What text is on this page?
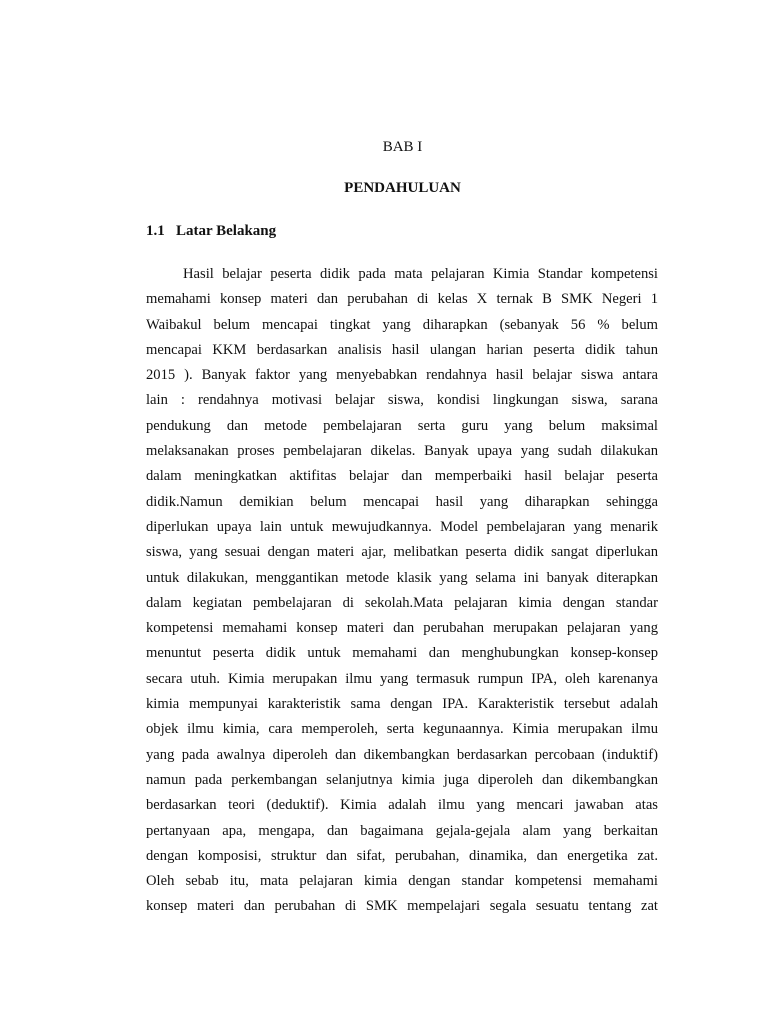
BAB I
PENDAHULUAN
1.1 Latar Belakang
Hasil belajar peserta didik pada mata pelajaran Kimia Standar kompetensi
memahami konsep materi dan perubahan di kelas X ternak B SMK Negeri 1
Waibakul belum mencapai tingkat yang diharapkan (sebanyak 56 % belum
mencapai KKM berdasarkan analisis hasil ulangan harian peserta didik tahun
2015 ). Banyak faktor yang menyebabkan rendahnya hasil belajar siswa antara
lain : rendahnya motivasi belajar siswa, kondisi lingkungan siswa, sarana
pendukung dan metode pembelajaran serta guru yang belum maksimal
melaksanakan proses pembelajaran dikelas. Banyak upaya yang sudah dilakukan
dalam meningkatkan aktifitas belajar dan memperbaiki hasil belajar peserta
didik.Namun demikian belum mencapai hasil yang diharapkan sehingga
diperlukan upaya lain untuk mewujudkannya. Model pembelajaran yang menarik
siswa, yang sesuai dengan materi ajar, melibatkan peserta didik sangat diperlukan
untuk dilakukan, menggantikan metode klasik yang selama ini banyak diterapkan
dalam kegiatan pembelajaran di sekolah.Mata pelajaran kimia dengan standar
kompetensi memahami konsep materi dan perubahan merupakan pelajaran yang
menuntut peserta didik untuk memahami dan menghubungkan konsep-konsep
secara utuh. Kimia merupakan ilmu yang termasuk rumpun IPA, oleh karenanya
kimia mempunyai karakteristik sama dengan IPA. Karakteristik tersebut adalah
objek ilmu kimia, cara memperoleh, serta kegunaannya. Kimia merupakan ilmu
yang pada awalnya diperoleh dan dikembangkan berdasarkan percobaan (induktif)
namun pada perkembangan selanjutnya kimia juga diperoleh dan dikembangkan
berdasarkan teori (deduktif). Kimia adalah ilmu yang mencari jawaban atas
pertanyaan apa, mengapa, dan bagaimana gejala-gejala alam yang berkaitan
dengan komposisi, struktur dan sifat, perubahan, dinamika, dan energetika zat.
Oleh sebab itu, mata pelajaran kimia dengan standar kompetensi memahami
konsep materi dan perubahan di SMK mempelajari segala sesuatu tentang zat
